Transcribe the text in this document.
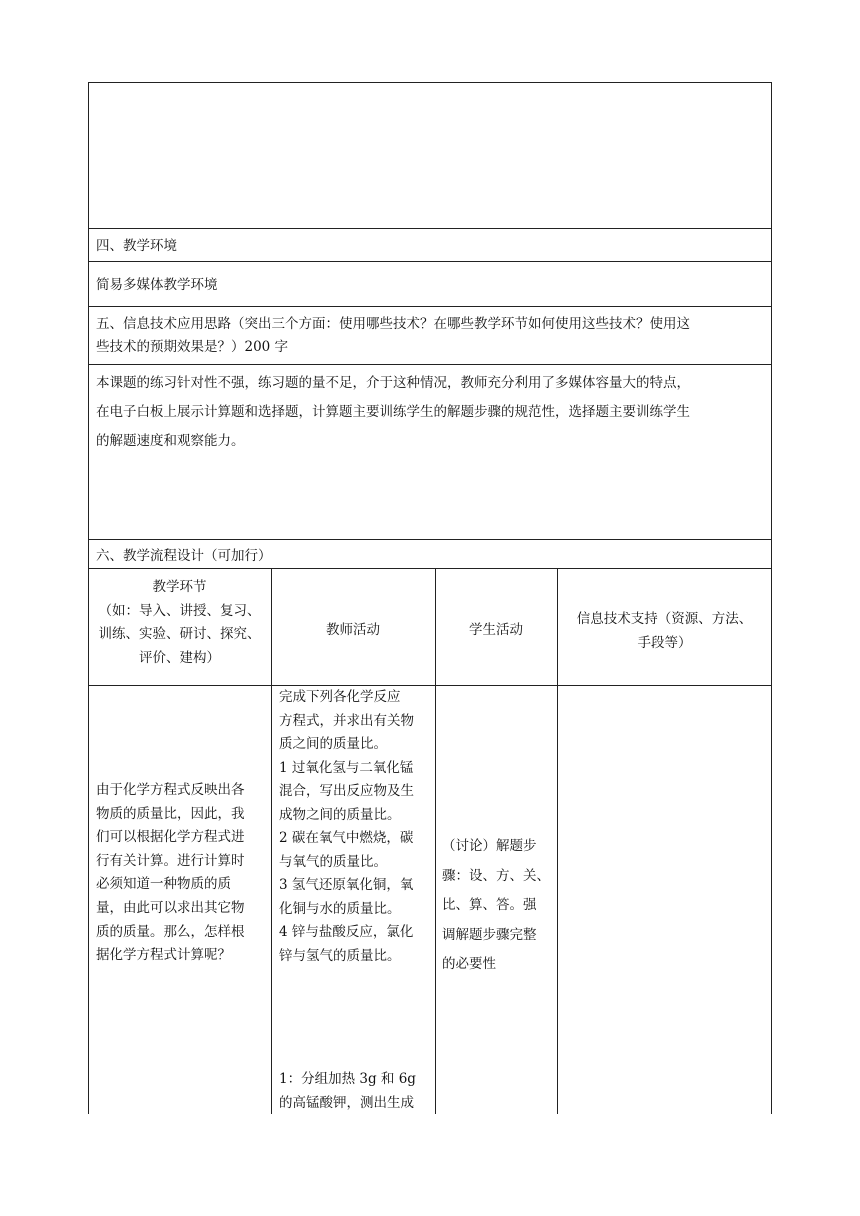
四、教学环境
简易多媒体教学环境
五、信息技术应用思路（突出三个方面：使用哪些技术？在哪些教学环节如何使用这些技术？使用这
些技术的预期效果是？）200 字
本课题的练习针对性不强，练习题的量不足，介于这种情况，教师充分利用了多媒体容量大的特点，
在电子白板上展示计算题和选择题，计算题主要训练学生的解题步骤的规范性，选择题主要训练学生
的解题速度和观察能力。
六、教学流程设计（可加行）
教学环节
（如：导入、讲授、复习、
训练、实验、研讨、探究、
评价、建构）
教师活动	学生活动
信息技术支持（资源、方法、
手段等）
由于化学方程式反映出各
物质的质量比，因此，我
们可以根据化学方程式进
行有关计算。进行计算时
必须知道一种物质的质
量，由此可以求出其它物
质的质量。那么，怎样根
据化学方程式计算呢？
完成下列各化学反应
方程式，并求出有关物
质之间的质量比。
1 过氧化氢与二氧化锰
混合，写出反应物及生
成物之间的质量比。
2 碳在氧气中燃烧，碳
与氧气的质量比。
3 氢气还原氧化铜，氧
化铜与水的质量比。
4 锌与盐酸反应，氯化
锌与氢气的质量比。
1：分组加热 3g 和 6g
的高锰酸钾，测出生成
（讨论）解题步
骤：设、方、关、
比、算、答。强
调解题步骤完整
的必要性
